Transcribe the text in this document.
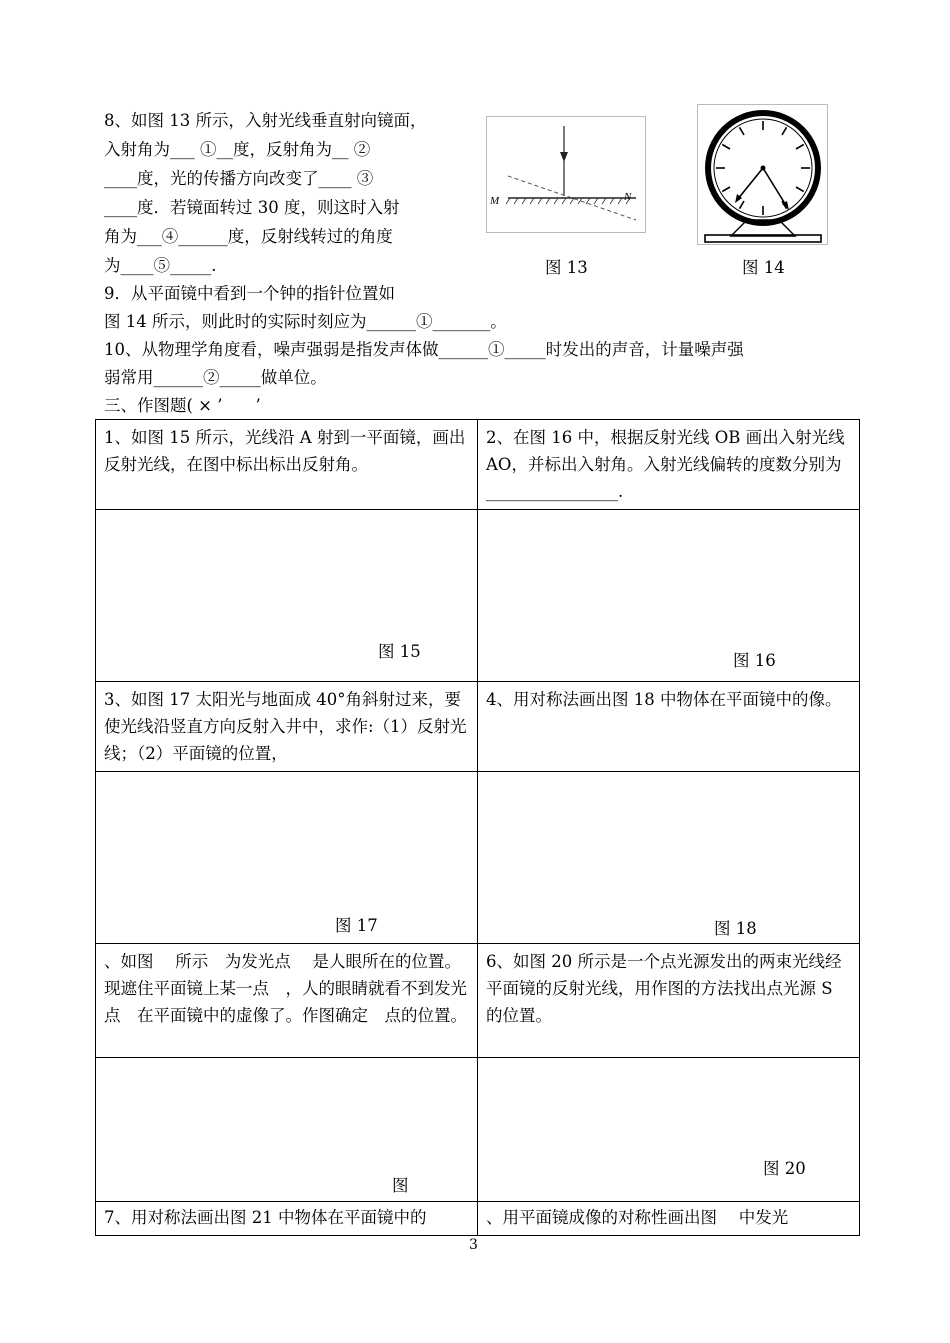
8、如图 13 所示，入射光线垂直射向镜面，
入射角为___ ①__度，反射角为__ ②
____度，光的传播方向改变了____ ③
____度．若镜面转过 30 度，则这时入射
角为___④______度，反射线转过的角度
为____⑤_____.
9．从平面镜中看到一个钟的指针位置如
图 14 所示，则此时的实际时刻应为______①_______。
10、从物理学角度看，噪声强弱是指发声体做______①_____时发出的声音，计量噪声强
弱常用______②_____做单位。
三、作图题( × ’　　’
M	N
图 13	图 14
1、如图 15 所示，光线沿 A 射到一平面镜，画出反射光线，在图中标出标出反射角。	2、在图 16 中，根据反射光线 OB 画出入射光线 AO，并标出入射角。入射光线偏转的度数分别为________________.

图 15	图 16

3、如图 17 太阳光与地面成 40°角斜射过来，要使光线沿竖直方向反射入井中，求作:（1）反射光线；（2）平面镜的位置，	4、用对称法画出图 18 中物体在平面镜中的像。

图 17	图 18

、如图　 所示　为发光点　 是人眼所在的位置。现遮住平面镜上某一点　，人的眼睛就看不到发光点　在平面镜中的虚像了。作图确定　点的位置。	6、如图 20 所示是一个点光源发出的两束光线经平面镜的反射光线，用作图的方法找出点光源 S 的位置。

图	图 20

7、用对称法画出图 21 中物体在平面镜中的	、用平面镜成像的对称性画出图　 中发光
3
